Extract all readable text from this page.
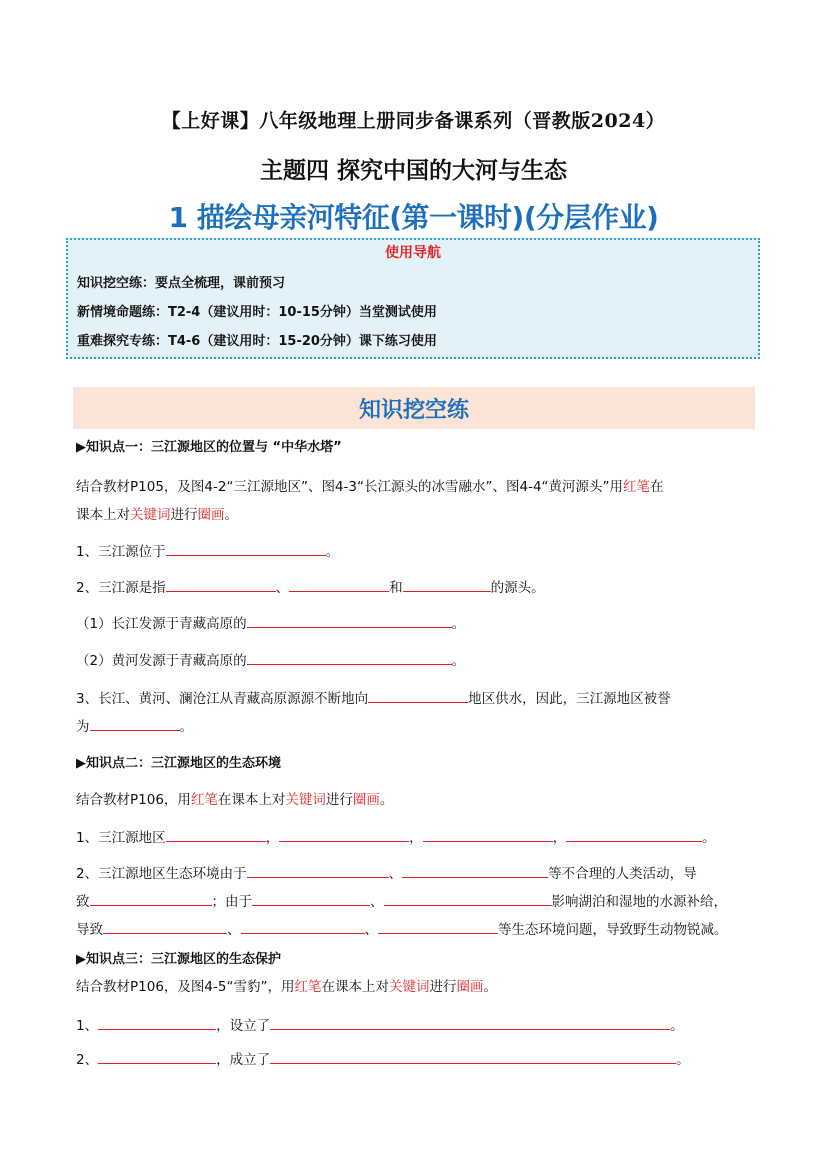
【上好课】八年级地理上册同步备课系列（晋教版2024）
主题四 探究中国的大河与生态
1 描绘母亲河特征(第一课时)(分层作业)
使用导航
知识挖空练：要点全梳理，课前预习
新情境命题练：T2-4（建议用时：10-15分钟）当堂测试使用
重难探究专练：T4-6（建议用时：15-20分钟）课下练习使用
知识挖空练
▶知识点一：三江源地区的位置与 “中华水塔”
结合教材P105，及图4-2“三江源地区”、图4-3“长江源头的冰雪融水”、图4-4“黄河源头”用红笔在
课本上对关键词进行圈画。
1、三江源位于	。
2、三江源是指	、	和	的源头。
（1）长江发源于青藏高原的	。
（2）黄河发源于青藏高原的	。
3、长江、黄河、澜沧江从青藏高原源源不断地向	地区供水，因此，三江源地区被誉
为	。
▶知识点二：三江源地区的生态环境
结合教材P106，用红笔在课本上对关键词进行圈画。
1、三江源地区	，	，	，	。
2、三江源地区生态环境由于	、	等不合理的人类活动，导
致	；由于	、	影响湖泊和湿地的水源补给，
导致	、	、	等生态环境问题，导致野生动物锐减。
▶知识点三：三江源地区的生态保护
结合教材P106，及图4-5“雪豹”，用红笔在课本上对关键词进行圈画。
1、	，设立了	。
2、	，成立了	。
